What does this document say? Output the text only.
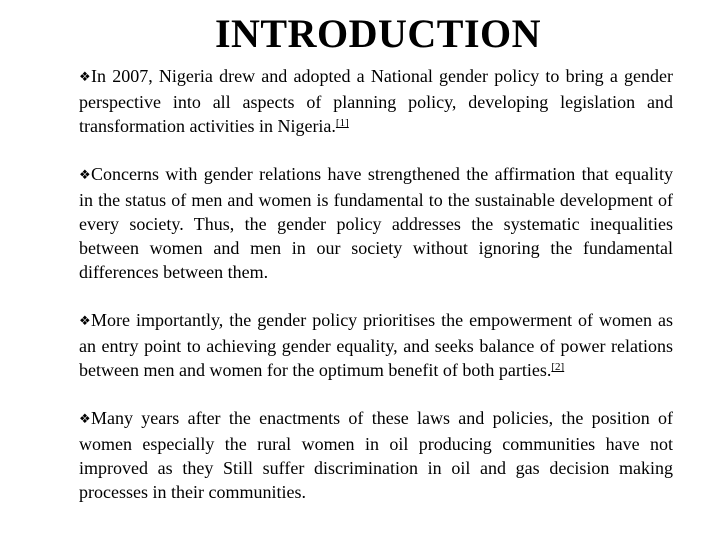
INTRODUCTION

❖In 2007, Nigeria drew and adopted a National gender policy to bring a gender perspective into all aspects of planning policy, developing legislation and transformation activities in Nigeria.[1]

❖Concerns with gender relations have strengthened the affirmation that equality in the status of men and women is fundamental to the sustainable development of every society. Thus, the gender policy addresses the systematic inequalities between women and men in our society without ignoring the fundamental differences between them.

❖More importantly, the gender policy prioritises the empowerment of women as an entry point to achieving gender equality, and seeks balance of power relations between men and women for the optimum benefit of both parties.[2]

❖Many years after the enactments of these laws and policies, the position of women especially the rural women in oil producing communities have not improved as they Still suffer discrimination in oil and gas decision making processes in their communities.
